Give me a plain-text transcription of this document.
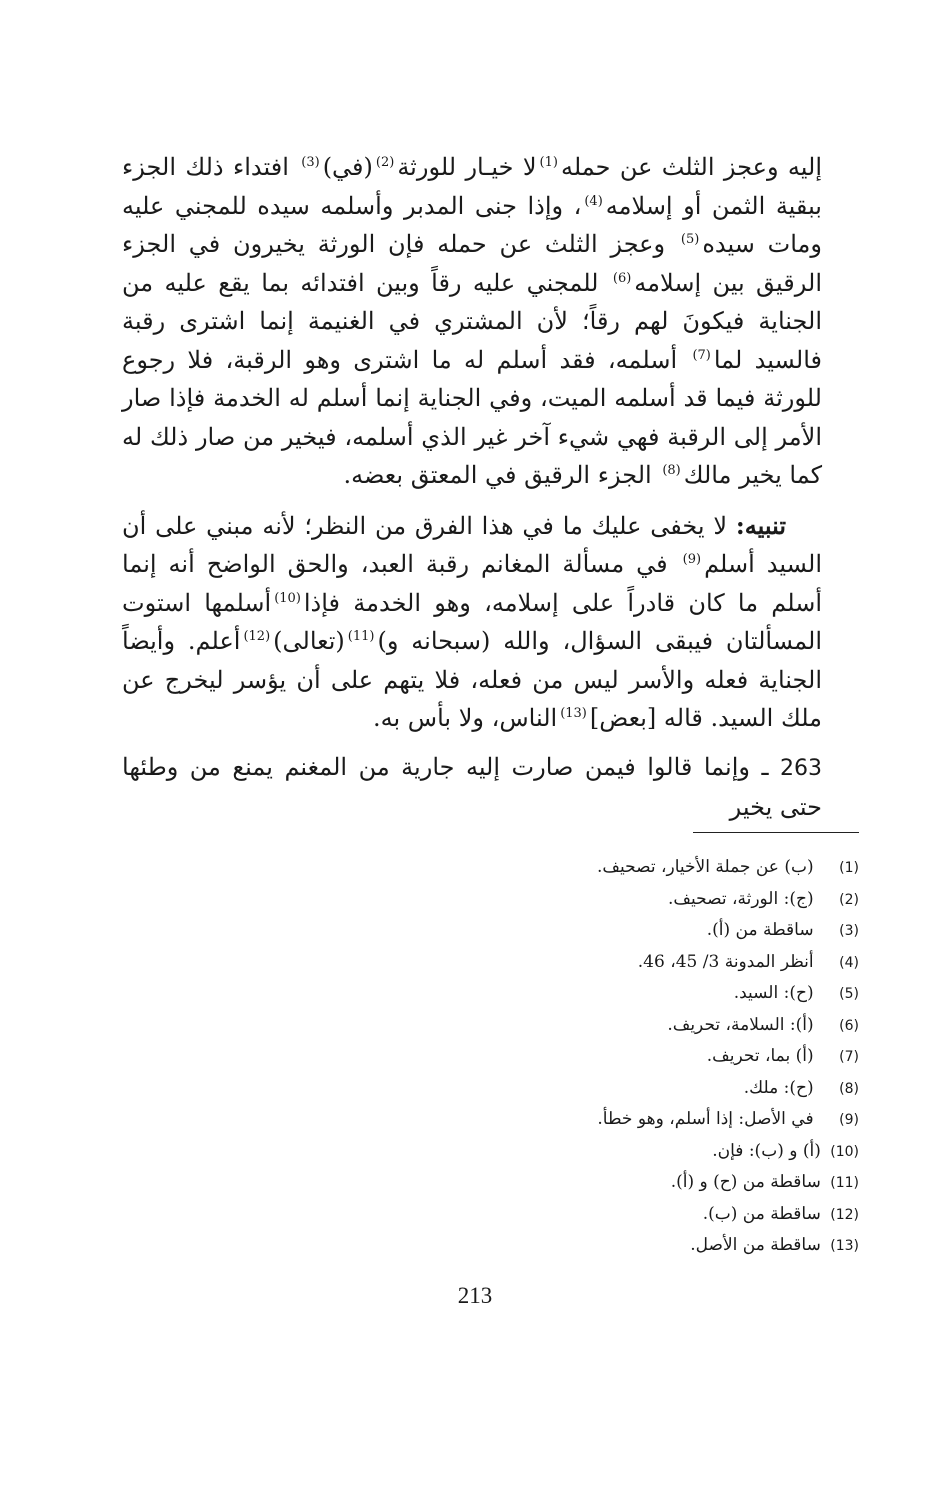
إليه وعجز الثلث عن حمله$^{(1)}$لا خيـار للورثة$^{(2)}$(في)$^{(3)}$ افتداء ذلك الجزء ببقية الثمن أو إسلامه$^{(4)}$، وإذا جنى المدبر وأسلمه سيده للمجني عليه ومات سيده$^{(5)}$ وعجز الثلث عن حمله فإن الورثة يخيرون في الجزء الرقيق بين إسلامه$^{(6)}$ للمجني عليه رقاً وبين افتدائه بما يقع عليه من الجناية فيكونَ لهم رقاً؛ لأن المشتري في الغنيمة إنما اشترى رقبة فالسيد لما$^{(7)}$ أسلمه، فقد أسلم له ما اشترى وهو الرقبة، فلا رجوع للورثة فيما قد أسلمه الميت، وفي الجناية إنما أسلم له الخدمة فإذا صار الأمر إلى الرقبة فهي شيء آخر غير الذي أسلمه، فيخير من صار ذلك له كما يخير مالك$^{(8)}$ الجزء الرقيق في المعتق بعضه.

تنبيه: لا يخفى عليك ما في هذا الفرق من النظر؛ لأنه مبني على أن السيد أسلم$^{(9)}$ في مسألة المغانم رقبة العبد، والحق الواضح أنه إنما أسلم ما كان قادراً على إسلامه، وهو الخدمة فإذا$^{(10)}$أسلمها استوت المسألتان فيبقى السؤال، والله (سبحانه و)$^{(11)}$(تعالى)$^{(12)}$أعلم. وأيضاً الجناية فعله والأسر ليس من فعله، فلا يتهم على أن يؤسر ليخرج عن ملك السيد. قاله [بعض]$^{(13)}$الناس، ولا بأس به.

263 ـ وإنما قالوا فيمن صارت إليه جارية من المغنم يمنع من وطئها حتى يخير

(1) (ب) عن جملة الأخيار، تصحيف.
(2) (ج): الورثة، تصحيف.
(3) ساقطة من (أ).
(4) أنظر المدونة 3/ 45، 46.
(5) (ح): السيد.
(6) (أ): السلامة، تحريف.
(7) (أ) بما، تحريف.
(8) (ح): ملك.
(9) في الأصل: إذا أسلم، وهو خطأ.
(10) (أ) و (ب): فإن.
(11) ساقطة من (ح) و (أ).
(12) ساقطة من (ب).
(13) ساقطة من الأصل.
213
